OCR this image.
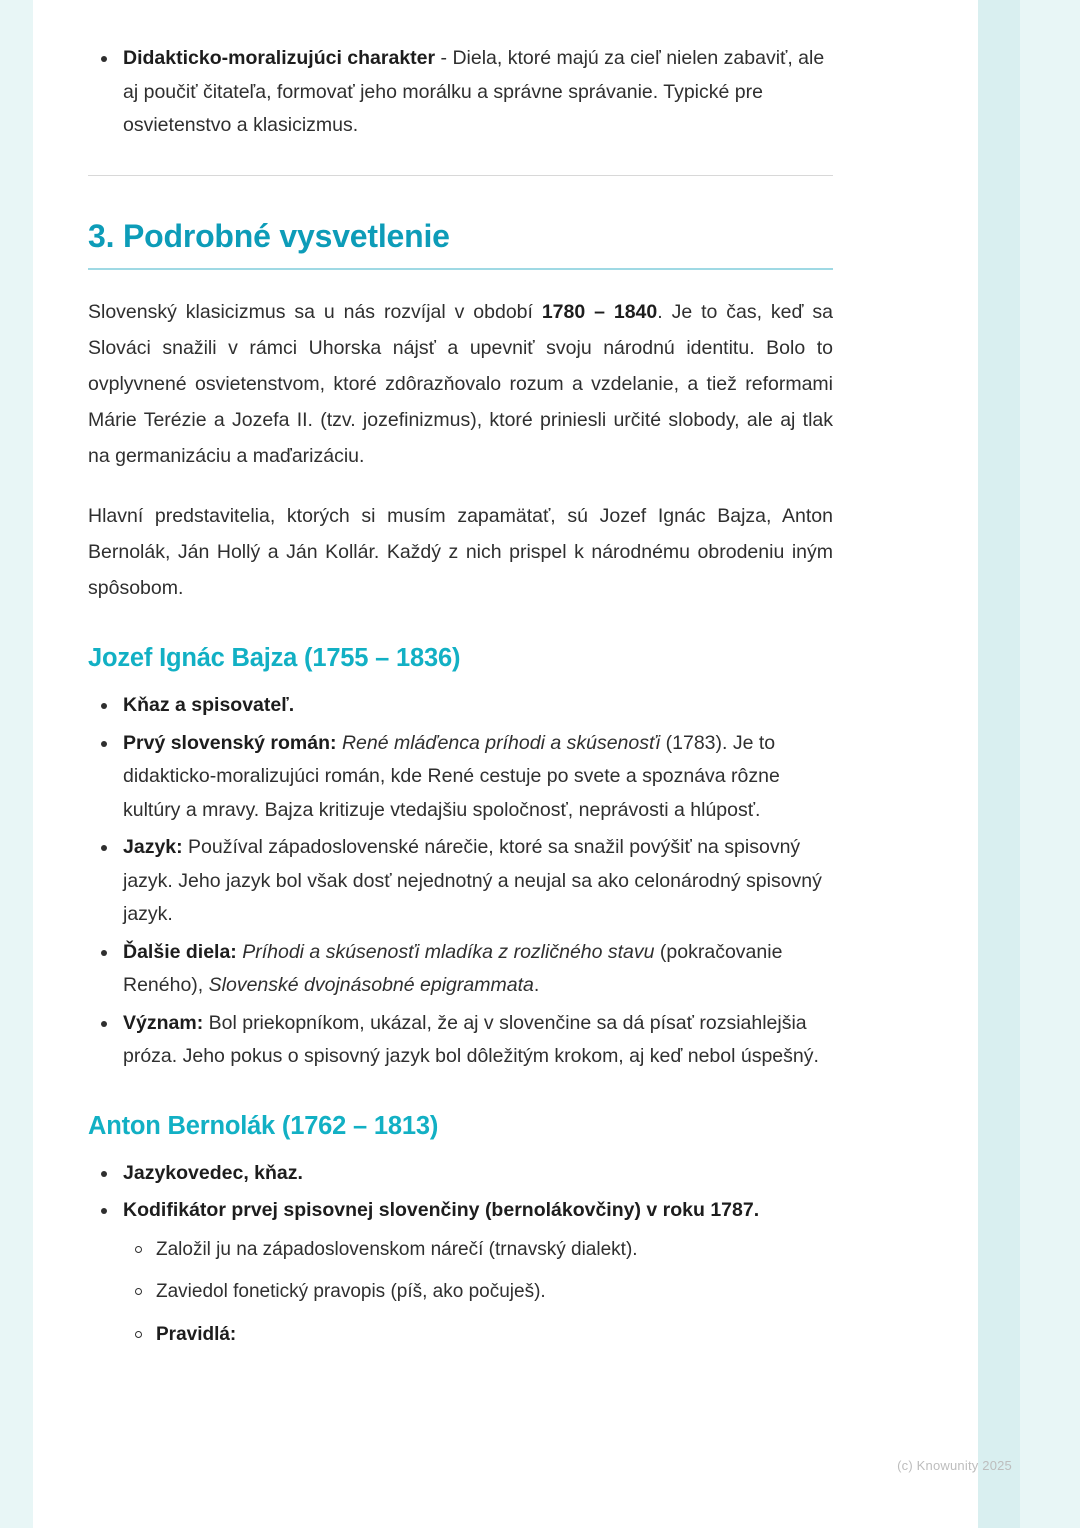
Didakticko-moralizujúci charakter - Diela, ktoré majú za cieľ nielen zabaviť, ale aj poučiť čitateľa, formovať jeho morálku a správne správanie. Typické pre osvietenstvo a klasicizmus.
3. Podrobné vysvetlenie

Slovenský klasicizmus sa u nás rozvíjal v období 1780 – 1840. Je to čas, keď sa Slováci snažili v rámci Uhorska nájsť a upevniť svoju národnú identitu. Bolo to ovplyvnené osvietenstvom, ktoré zdôrazňovalo rozum a vzdelanie, a tiež reformami Márie Terézie a Jozefa II. (tzv. jozefinizmus), ktoré priniesli určité slobody, ale aj tlak na germanizáciu a maďarizáciu.

Hlavní predstavitelia, ktorých si musím zapamätať, sú Jozef Ignác Bajza, Anton Bernolák, Ján Hollý a Ján Kollár. Každý z nich prispel k národnému obrodeniu iným spôsobom.

Jozef Ignác Bajza (1755 – 1836)
Kňaz a spisovateľ.
Prvý slovenský román: René mláďenca príhodi a skúsenosťi (1783). Je to didakticko-moralizujúci román, kde René cestuje po svete a spoznáva rôzne kultúry a mravy. Bajza kritizuje vtedajšiu spoločnosť, neprávosti a hlúposť.
Jazyk: Používal západoslovenské nárečie, ktoré sa snažil povýšiť na spisovný jazyk. Jeho jazyk bol však dosť nejednotný a neujal sa ako celonárodný spisovný jazyk.
Ďalšie diela: Príhodi a skúsenosťi mladíka z rozličného stavu (pokračovanie Reného), Slovenské dvojnásobné epigrammata.
Význam: Bol priekopníkom, ukázal, že aj v slovenčine sa dá písať rozsiahlejšia próza. Jeho pokus o spisovný jazyk bol dôležitým krokom, aj keď nebol úspešný.
Anton Bernolák (1762 – 1813)
Jazykovedec, kňaz.
Kodifikátor prvej spisovnej slovenčiny (bernolákovčiny) v roku 1787.
Založil ju na západoslovenskom nárečí (trnavský dialekt).
Zaviedol fonetický pravopis (píš, ako počuješ).
Pravidlá:
(c) Knowunity 2025
